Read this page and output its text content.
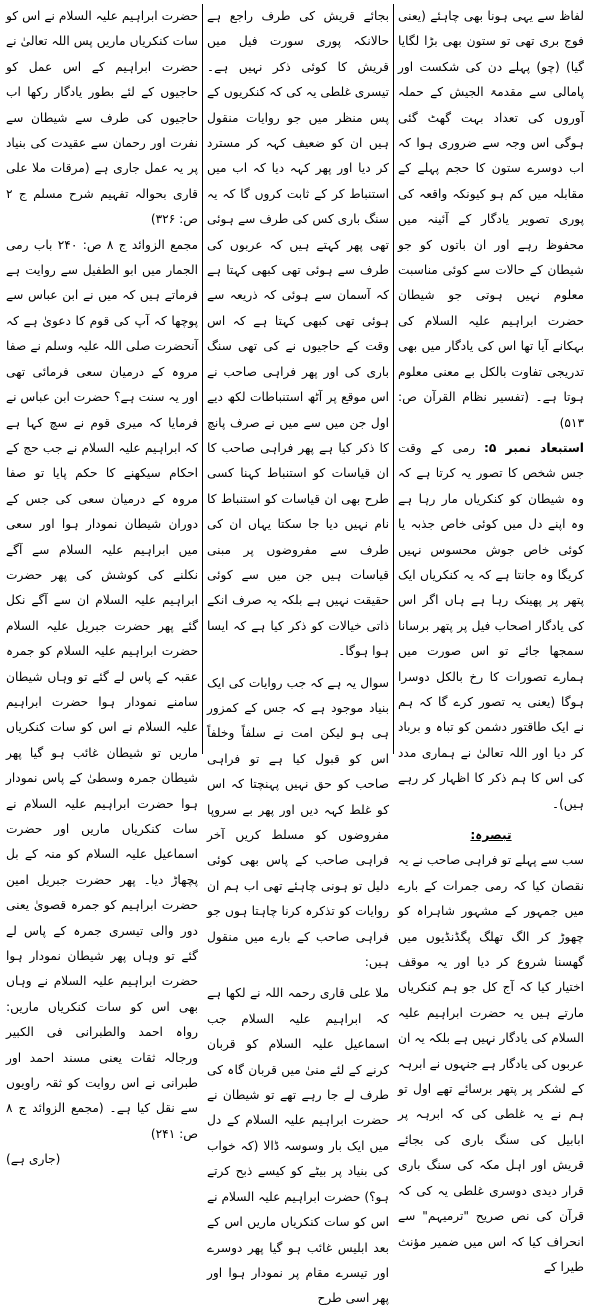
لفاظ سے یہی ہونا بھی چاہئے (یعنی فوج بری تھی تو ستون بھی بڑا لگایا گیا) (چو) پہلے دن کی شکست اور پامالی سے مقدمۃ الجیش کے حملہ آوروں کی تعداد بہت گھٹ گئی ہوگی اس وجہ سے ضروری ہوا کہ اب دوسرے ستون کا حجم پہلے کے مقابلہ میں کم ہو کیونکہ واقعہ کی پوری تصویر یادگار کے آئینہ میں محفوظ رہے اور ان باتوں کو جو شیطان کے حالات سے کوئی مناسبت معلوم نہیں ہوتی جو شیطان حضرت ابراہیم علیہ السلام کی بہکانے آیا تھا اس کی یادگار میں بھی تدریجی تفاوت بالکل بے معنی معلوم ہوتا ہے۔ (تفسیر نظام القرآن ص: ۵۱۳)

استبعاد نمبر ۵: رمی کے وقت جس شخص کا تصور یہ کرتا ہے کہ وہ شیطان کو کنکریاں مار رہا ہے وہ اپنے دل میں کوئی خاص جذبہ یا کوئی خاص جوش محسوس نہیں کریگا وہ جانتا ہے کہ یہ کنکریاں ایک پتھر پر پھینک رہا ہے ہاں اگر اس کی یادگار اصحاب فیل پر پتھر برسانا سمجھا جائے تو اس صورت میں ہمارے تصورات کا رخ بالکل دوسرا ہوگا (یعنی یہ تصور کرے گا کہ ہم نے ایک طاقتور دشمن کو تباہ و برباد کر دیا اور اللہ تعالیٰ نے ہماری مدد کی اس کا ہم ذکر کا اظہار کر رہے ہیں)۔

تبصرہ:

سب سے پہلے تو فراہی صاحب نے یہ نقصان کیا کہ رمی جمرات کے بارے میں جمہور کے مشہور شاہراہ کو چھوڑ کر الگ تھلگ پگڈنڈیوں میں گھسنا شروع کر دیا اور یہ موقف اختیار کیا کہ آج کل جو ہم کنکریاں مارتے ہیں یہ حضرت ابراہیم علیہ السلام کی یادگار نہیں ہے بلکہ یہ ان عربوں کی یادگار ہے جنہوں نے ابرہہ کے لشکر پر پتھر برسائے تھے اول تو ہم نے یہ غلطی کی کہ ابرہہ پر ابابیل کی سنگ باری کی بجائے قریش اور اہل مکہ کی سنگ باری قرار دیدی دوسری غلطی یہ کی کہ قرآن کی نص صریح "ترمیہم" سے انحراف کیا کہ اس میں ضمیر مؤنث طیرا کے

بجائے قریش کی طرف راجع ہے حالانکہ پوری سورت فیل میں قریش کا کوئی ذکر نہیں ہے۔ تیسری غلطی یہ کی کہ کنکریوں کے پس منظر میں جو روایات منقول ہیں ان کو ضعیف کہہ کر مسترد کر دیا اور پھر کہہ دیا کہ اب میں استنباط کر کے ثابت کروں گا کہ یہ سنگ باری کس کی طرف سے ہوئی تھی پھر کہتے ہیں کہ عربوں کی طرف سے ہوئی تھی کبھی کہتا ہے کہ آسمان سے ہوئی کہ ذریعہ سے ہوئی تھی کبھی کہتا ہے کہ اس وقت کے حاجیوں نے کی تھی سنگ باری کی اور پھر فراہی صاحب نے اس موقع پر آٹھ استنباطات لکھ دیے اول جن میں سے میں نے صرف پانچ کا ذکر کیا ہے پھر فراہی صاحب کا ان قیاسات کو استنباط کہنا کسی طرح بھی ان قیاسات کو استنباط کا نام نہیں دیا جا سکتا یہاں ان کی طرف سے مفروضوں پر مبنی قیاسات ہیں جن میں سے کوئی حقیقت نہیں ہے بلکہ یہ صرف انکے ذاتی خیالات کو ذکر کیا ہے کہ ایسا ہوا ہوگا۔

سوال یہ ہے کہ جب روایات کی ایک بنیاد موجود ہے کہ جس کے کمزور ہی ہو لیکن امت نے سلفاً وخلفاً اس کو قبول کیا ہے تو فراہی صاحب کو حق نہیں پہنچتا کہ اس کو غلط کہہ دیں اور پھر بے سروپا مفروضوں کو مسلط کریں آخر فراہی صاحب کے پاس بھی کوئی دلیل تو ہونی چاہئے تھی اب ہم ان روایات کو تذکرہ کرنا چاہتا ہوں جو فراہی صاحب کے بارے میں منقول ہیں:

ملا علی قاری رحمہ اللہ نے لکھا ہے کہ ابراہیم علیہ السلام جب اسماعیل علیہ السلام کو قربان کرنے کے لئے منیٰ میں قربان گاہ کی طرف لے جا رہے تھے تو شیطان نے حضرت ابراہیم علیہ السلام کے دل میں ایک بار وسوسہ ڈالا (کہ خواب کی بنیاد پر بیٹے کو کیسے ذبح کرتے ہو؟) حضرت ابراہیم علیہ السلام نے اس کو سات کنکریاں ماریں اس کے بعد ابلیس غائب ہو گیا پھر دوسرے اور تیسرے مقام پر نمودار ہوا اور پھر اسی طرح

حضرت ابراہیم علیہ السلام نے اس کو سات کنکریاں ماریں پس اللہ تعالیٰ نے حضرت ابراہیم کے اس عمل کو حاجیوں کے لئے بطور یادگار رکھا اب حاجیوں کی طرف سے شیطان سے نفرت اور رحمان سے عقیدت کی بنیاد پر یہ عمل جاری ہے (مرقات ملا علی قاری بحوالہ تفہیم شرح مسلم ج ۲ ص: ۳۲۶)

مجمع الزوائد ج ۸ ص: ۲۴۰ باب رمی الجمار میں ابو الطفیل سے روایت ہے فرماتے ہیں کہ میں نے ابن عباس سے پوچھا کہ آپ کی قوم کا دعویٰ ہے کہ آنحضرت صلی اللہ علیہ وسلم نے صفا مروہ کے درمیان سعی فرمائی تھی اور یہ سنت ہے؟ حضرت ابن عباس نے فرمایا کہ میری قوم نے سچ کہا ہے کہ ابراہیم علیہ السلام نے جب حج کے احکام سیکھنے کا حکم پایا تو صفا مروہ کے درمیان سعی کی جس کے دوران شیطان نمودار ہوا اور سعی میں ابراہیم علیہ السلام سے آگے نکلنے کی کوشش کی پھر حضرت ابراہیم علیہ السلام ان سے آگے نکل گئے پھر حضرت جبریل علیہ السلام حضرت ابراہیم علیہ السلام کو جمرہ عقبہ کے پاس لے گئے تو وہاں شیطان سامنے نمودار ہوا حضرت ابراہیم علیہ السلام نے اس کو سات کنکریاں ماریں تو شیطان غائب ہو گیا پھر شیطان جمرہ وسطیٰ کے پاس نمودار ہوا حضرت ابراہیم علیہ السلام نے سات کنکریاں ماریں اور حضرت اسماعیل علیہ السلام کو منہ کے بل پچھاڑ دیا۔ پھر حضرت جبریل امین حضرت ابراہیم کو جمرہ قصویٰ یعنی دور والی تیسری جمرہ کے پاس لے گئے تو وہاں پھر شیطان نمودار ہوا حضرت ابراہیم علیہ السلام نے وہاں بھی اس کو سات کنکریاں ماریں: رواہ احمد والطبرانی فی الکبیر ورجالہ ثقات یعنی مسند احمد اور طبرانی نے اس روایت کو ثقہ راویوں سے نقل کیا ہے۔ (مجمع الزوائد ج ۸ ص: ۲۴۱)

(جاری ہے)
